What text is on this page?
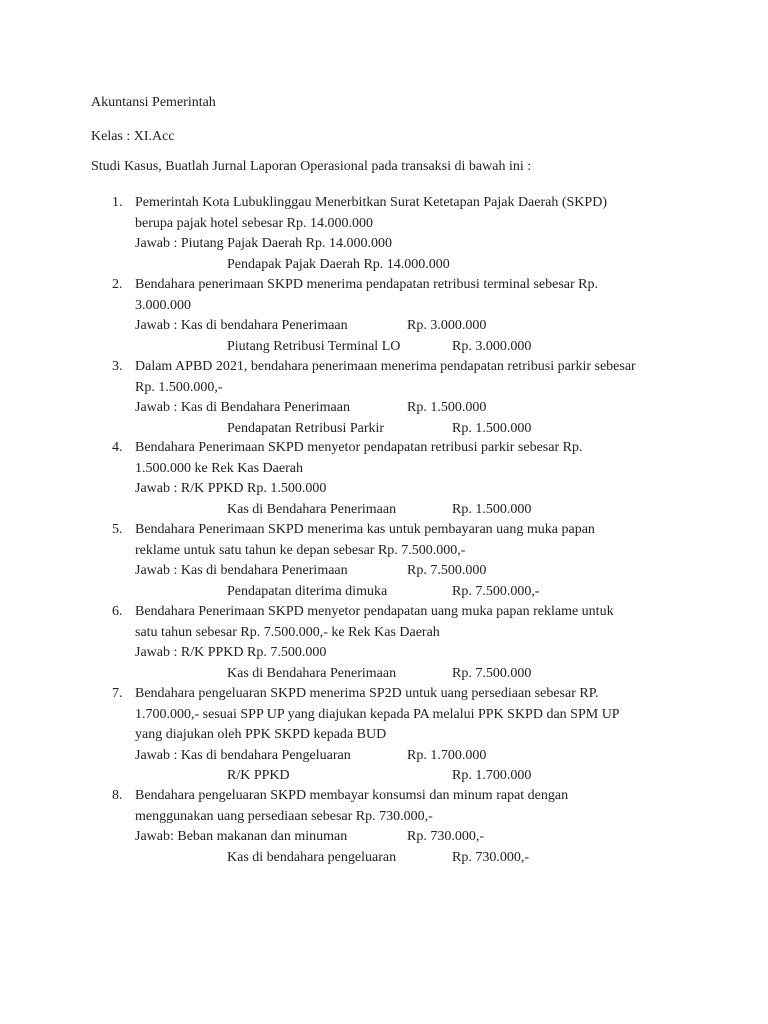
Akuntansi Pemerintah
Kelas : XI.Acc
Studi Kasus, Buatlah Jurnal Laporan Operasional pada transaksi di bawah ini :
1. Pemerintah Kota Lubuklinggau Menerbitkan Surat Ketetapan Pajak Daerah (SKPD)
berupa pajak hotel sebesar Rp. 14.000.000
Jawab : Piutang Pajak Daerah Rp. 14.000.000
Pendapak Pajak Daerah Rp. 14.000.000
2. Bendahara penerimaan SKPD menerima pendapatan retribusi terminal sebesar Rp.
3.000.000
Jawab : Kas di bendahara Penerimaan	Rp. 3.000.000
Piutang Retribusi Terminal LO	Rp. 3.000.000
3. Dalam APBD 2021, bendahara penerimaan menerima pendapatan retribusi parkir sebesar
Rp. 1.500.000,-
Jawab : Kas di Bendahara Penerimaan	Rp. 1.500.000
Pendapatan Retribusi Parkir	Rp. 1.500.000
4. Bendahara Penerimaan SKPD menyetor pendapatan retribusi parkir sebesar Rp.
1.500.000 ke Rek Kas Daerah
Jawab : R/K PPKD Rp. 1.500.000
Kas di Bendahara Penerimaan	Rp. 1.500.000
5. Bendahara Penerimaan SKPD menerima kas untuk pembayaran uang muka papan
reklame untuk satu tahun ke depan sebesar Rp. 7.500.000,-
Jawab : Kas di bendahara Penerimaan	Rp. 7.500.000
Pendapatan diterima dimuka	Rp. 7.500.000,-
6. Bendahara Penerimaan SKPD menyetor pendapatan uang muka papan reklame untuk
satu tahun sebesar Rp. 7.500.000,- ke Rek Kas Daerah
Jawab : R/K PPKD Rp. 7.500.000
Kas di Bendahara Penerimaan	Rp. 7.500.000
7. Bendahara pengeluaran SKPD menerima SP2D untuk uang persediaan sebesar RP.
1.700.000,- sesuai SPP UP yang diajukan kepada PA melalui PPK SKPD dan SPM UP
yang diajukan oleh PPK SKPD kepada BUD
Jawab : Kas di bendahara Pengeluaran	Rp. 1.700.000
R/K PPKD	Rp. 1.700.000
8. Bendahara pengeluaran SKPD membayar konsumsi dan minum rapat dengan
menggunakan uang persediaan sebesar Rp. 730.000,-
Jawab: Beban makanan dan minuman	Rp. 730.000,-
Kas di bendahara pengeluaran	Rp. 730.000,-
